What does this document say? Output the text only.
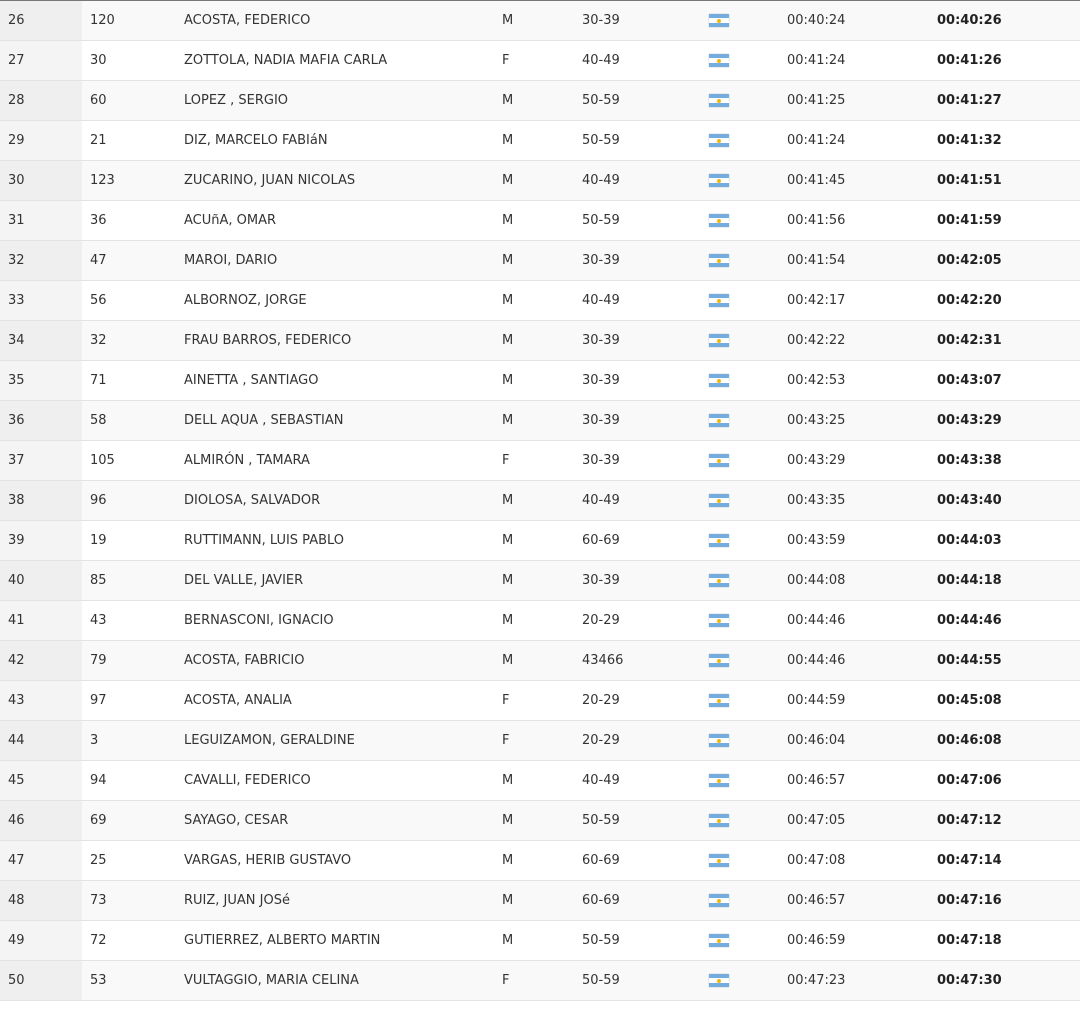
26	120	ACOSTA, FEDERICO	M	30-39		00:40:24	00:40:26
27	30	ZOTTOLA, NADIA MAFIA CARLA	F	40-49		00:41:24	00:41:26
28	60	LOPEZ , SERGIO	M	50-59		00:41:25	00:41:27
29	21	DIZ, MARCELO FABIáN	M	50-59		00:41:24	00:41:32
30	123	ZUCARINO, JUAN NICOLAS	M	40-49		00:41:45	00:41:51
31	36	ACUñA, OMAR	M	50-59		00:41:56	00:41:59
32	47	MAROI, DARIO	M	30-39		00:41:54	00:42:05
33	56	ALBORNOZ, JORGE	M	40-49		00:42:17	00:42:20
34	32	FRAU BARROS, FEDERICO	M	30-39		00:42:22	00:42:31
35	71	AINETTA , SANTIAGO	M	30-39		00:42:53	00:43:07
36	58	DELL AQUA , SEBASTIAN	M	30-39		00:43:25	00:43:29
37	105	ALMIRÓN , TAMARA	F	30-39		00:43:29	00:43:38
38	96	DIOLOSA, SALVADOR	M	40-49		00:43:35	00:43:40
39	19	RUTTIMANN, LUIS PABLO	M	60-69		00:43:59	00:44:03
40	85	DEL VALLE, JAVIER	M	30-39		00:44:08	00:44:18
41	43	BERNASCONI, IGNACIO	M	20-29		00:44:46	00:44:46
42	79	ACOSTA, FABRICIO	M	43466		00:44:46	00:44:55
43	97	ACOSTA, ANALIA	F	20-29		00:44:59	00:45:08
44	3	LEGUIZAMON, GERALDINE	F	20-29		00:46:04	00:46:08
45	94	CAVALLI, FEDERICO	M	40-49		00:46:57	00:47:06
46	69	SAYAGO, CESAR	M	50-59		00:47:05	00:47:12
47	25	VARGAS, HERIB GUSTAVO	M	60-69		00:47:08	00:47:14
48	73	RUIZ, JUAN JOSé	M	60-69		00:46:57	00:47:16
49	72	GUTIERREZ, ALBERTO MARTIN	M	50-59		00:46:59	00:47:18
50	53	VULTAGGIO, MARIA CELINA	F	50-59		00:47:23	00:47:30
